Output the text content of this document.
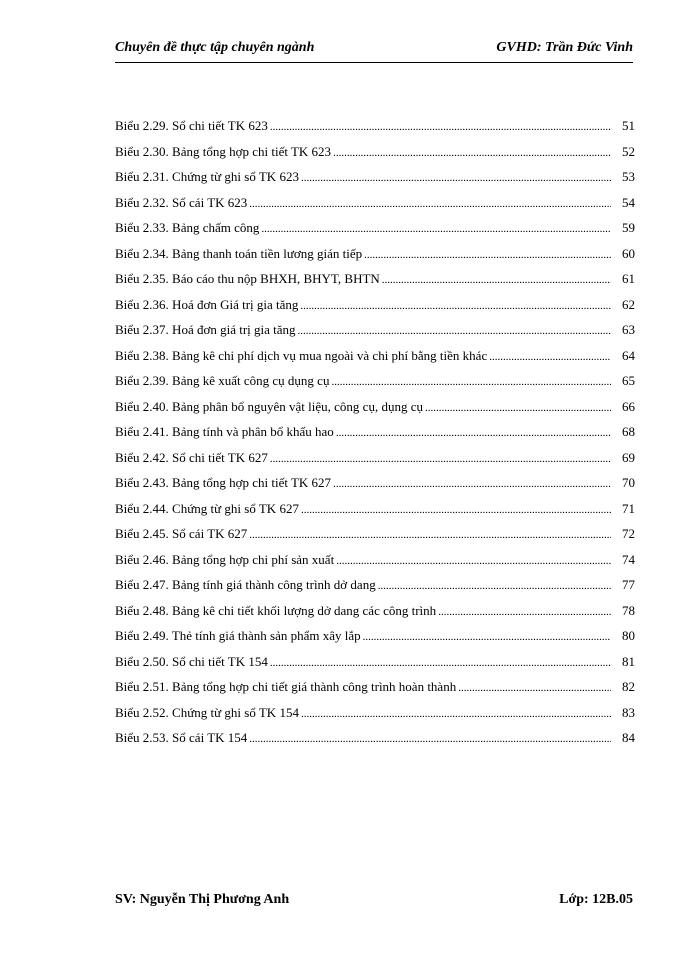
Chuyên đề thực tập chuyên ngành	GVHD: Trần Đức Vinh
Biểu 2.29. Sổ chi tiết TK 623 .....	51
Biểu 2.30. Bảng tổng hợp chi tiết TK 623 .....	52
Biểu 2.31. Chứng từ ghi sổ TK 623 .....	53
Biểu 2.32. Sổ cái TK 623 .....	54
Biểu 2.33. Bảng chấm công .....	59
Biểu 2.34. Bảng thanh toán tiền lương gián tiếp .....	60
Biểu 2.35. Báo cáo thu nộp BHXH, BHYT, BHTN .....	61
Biểu 2.36. Hoá đơn Giá trị gia tăng .....	62
Biểu 2.37. Hoá đơn giá trị gia tăng .....	63
Biểu 2.38. Bảng kê chi phí dịch vụ mua ngoài và chi phí bằng tiền khác .....	64
Biểu 2.39. Bảng kê xuất công cụ dụng cụ .....	65
Biểu 2.40. Bảng phân bổ nguyên vật liệu, công cụ, dụng cụ .....	66
Biểu 2.41. Bảng tính và phân bổ khấu hao .....	68
Biểu 2.42. Sổ chi tiết TK 627 .....	69
Biểu 2.43. Bảng tổng hợp chi tiết TK 627 .....	70
Biểu 2.44. Chứng từ ghi sổ TK 627 .....	71
Biểu 2.45. Sổ cái TK 627 .....	72
Biểu 2.46. Bảng tổng hợp chi phí sản xuất .....	74
Biểu 2.47. Bảng tính giá thành công trình dở dang .....	77
Biểu 2.48. Bảng kê chi tiết khối lượng dở dang các công trình .....	78
Biểu 2.49. Thẻ tính giá thành sản phẩm xây lắp .....	80
Biểu 2.50. Sổ chi tiết TK 154 .....	81
Biểu 2.51. Bảng tổng hợp chi tiết giá thành công trình hoàn thành .....	82
Biểu 2.52. Chứng từ ghi sổ TK 154 .....	83
Biểu 2.53. Sổ cái TK 154 .....	84
SV: Nguyễn Thị Phương Anh	Lớp: 12B.05
